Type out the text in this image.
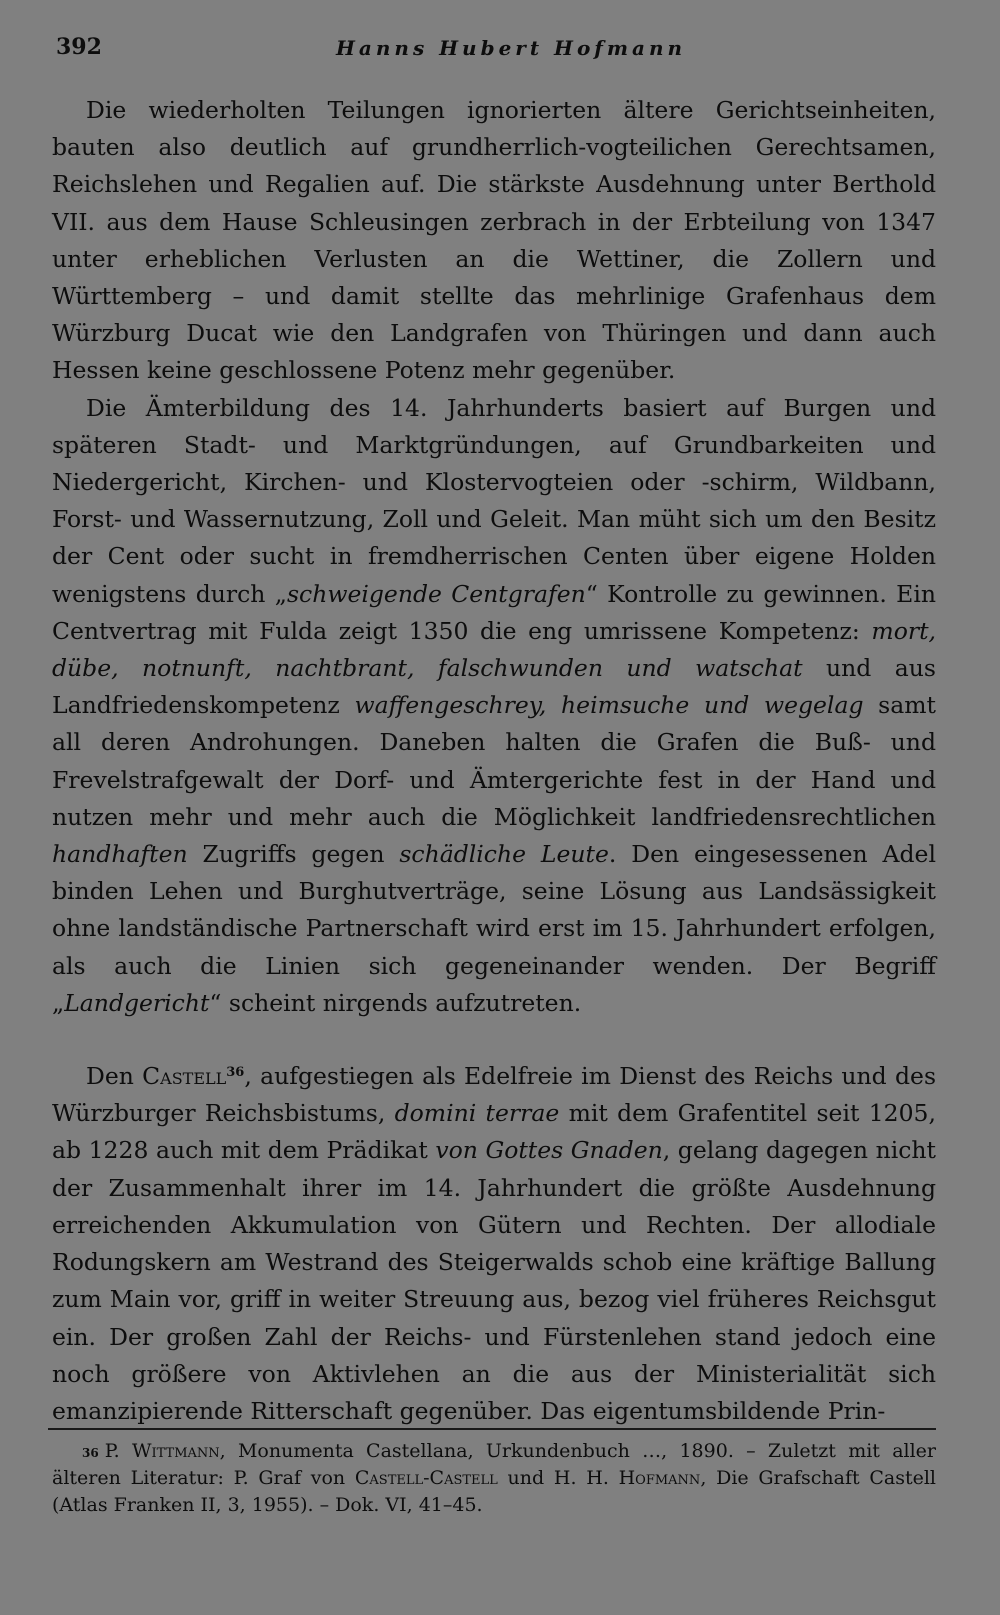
392	Hanns Hubert Hofmann

Die wiederholten Teilungen ignorierten ältere Gerichtseinheiten, bauten also deutlich auf grundherrlich-vogteilichen Gerechtsamen, Reichslehen und Regalien auf. Die stärkste Ausdehnung unter Berthold VII. aus dem Hause Schleusingen zerbrach in der Erbteilung von 1347 unter erheblichen Verlusten an die Wettiner, die Zollern und Württemberg – und damit stellte das mehrlinige Grafenhaus dem Würzburg Ducat wie den Landgrafen von Thüringen und dann auch Hessen keine geschlossene Potenz mehr gegenüber.

Die Ämterbildung des 14. Jahrhunderts basiert auf Burgen und späteren Stadt- und Marktgründungen, auf Grundbarkeiten und Niedergericht, Kirchen- und Klostervogteien oder -schirm, Wildbann, Forst- und Wassernutzung, Zoll und Geleit. Man müht sich um den Besitz der Cent oder sucht in fremdherrischen Centen über eigene Holden wenigstens durch „schweigende Centgrafen“ Kontrolle zu gewinnen. Ein Centvertrag mit Fulda zeigt 1350 die eng umrissene Kompetenz: mort, dübe, notnunft, nachtbrant, falschwunden und watschat und aus Landfriedenskompetenz waffengeschrey, heimsuche und wegelag samt all deren Androhungen. Daneben halten die Grafen die Buß- und Frevelstrafgewalt der Dorf- und Ämtergerichte fest in der Hand und nutzen mehr und mehr auch die Möglichkeit landfriedensrechtlichen handhaften Zugriffs gegen schädliche Leute. Den eingesessenen Adel binden Lehen und Burghutverträge, seine Lösung aus Landsässigkeit ohne landständische Partnerschaft wird erst im 15. Jahrhundert erfolgen, als auch die Linien sich gegeneinander wenden. Der Begriff „Landgericht“ scheint nirgends aufzutreten.

Den Castell$^{36}$, aufgestiegen als Edelfreie im Dienst des Reichs und des Würzburger Reichsbistums, domini terrae mit dem Grafentitel seit 1205, ab 1228 auch mit dem Prädikat von Gottes Gnaden, gelang dagegen nicht der Zusammenhalt ihrer im 14. Jahrhundert die größte Ausdehnung erreichenden Akkumulation von Gütern und Rechten. Der allodiale Rodungskern am Westrand des Steigerwalds schob eine kräftige Ballung zum Main vor, griff in weiter Streuung aus, bezog viel früheres Reichsgut ein. Der großen Zahl der Reichs- und Fürstenlehen stand jedoch eine noch größere von Aktivlehen an die aus der Ministerialität sich emanzipierende Ritterschaft gegenüber. Das eigentumsbildende Prin-

$^{36}$ P. Wittmann, Monumenta Castellana, Urkundenbuch …, 1890. – Zuletzt mit aller älteren Literatur: P. Graf von Castell-Castell und H. H. Hofmann, Die Grafschaft Castell (Atlas Franken II, 3, 1955). – Dok. VI, 41–45.
